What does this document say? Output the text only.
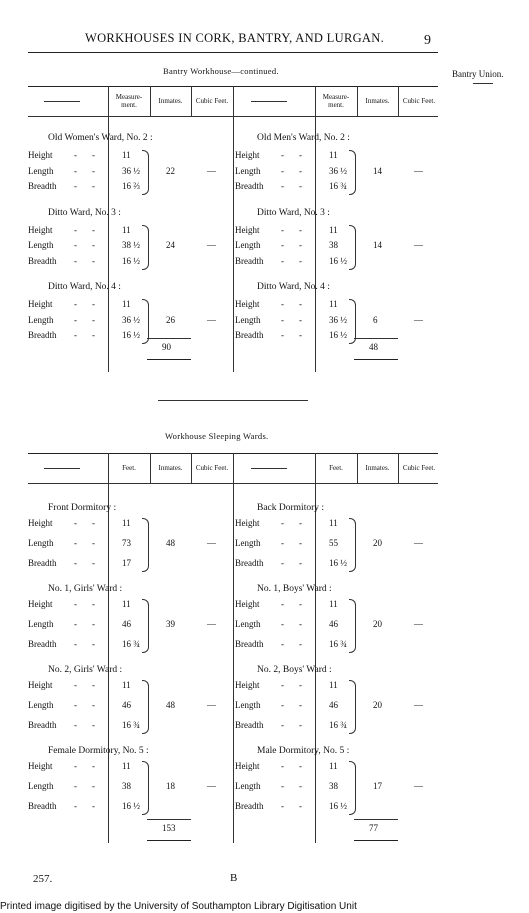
WORKHOUSES IN CORK, BANTRY, AND LURGAN.	9
Bantry Union.
Bantry Workhouse—continued.
Workhouse Sleeping Wards.
257.	B
Printed image digitised by the University of Southampton Library Digitisation Unit
Measure-
ment.	Inmates.	Cubic Feet.
Old Women's Ward, No. 2 :
Height - -	11
Length - -	36 ½
Breadth - -	16 ⅔
22	—
Ditto Ward, No. 3 :
Height - -	11
Length - -	38 ½
Breadth - -	16 ½
24	—
Ditto Ward, No. 4 :
Height - -	11
Length - -	36 ½
Breadth - -	16 ½
26	—
90
Measure-
ment.	Inmates.	Cubic Feet.
Old Men's Ward, No. 2 :
Height - -	11
Length - -	36 ½
Breadth - -	16 ¾
14	—
Ditto Ward, No. 3 :
Height - -	11
Length - -	38
Breadth - -	16 ½
14	—
Ditto Ward, No. 4 :
Height - -	11
Length - -	36 ½
Breadth - -	16 ½
6	—
48
Feet.	Inmates.	Cubic Feet.
Front Dormitory :
Height - -	11
Length - -	73
Breadth - -	17
48	—
No. 1, Girls' Ward :
Height - -	11
Length - -	46
Breadth - -	16 ¾
39	—
No. 2, Girls' Ward :
Height - -	11
Length - -	46
Breadth - -	16 ¾
48	—
Female Dormitory, No. 5 :
Height - -	11
Length - -	38
Breadth - -	16 ½
18	—
153
Feet.	Inmates.	Cubic Feet.
Back Dormitory :
Height - -	11
Length - -	55
Breadth - -	16 ½
20	—
No. 1, Boys' Ward :
Height - -	11
Length - -	46
Breadth - -	16 ¾
20	—
No. 2, Boys' Ward :
Height - -	11
Length - -	46
Breadth - -	16 ¾
20	—
Male Dormitory, No. 5 :
Height - -	11
Length - -	38
Breadth - -	16 ½
17	—
77
